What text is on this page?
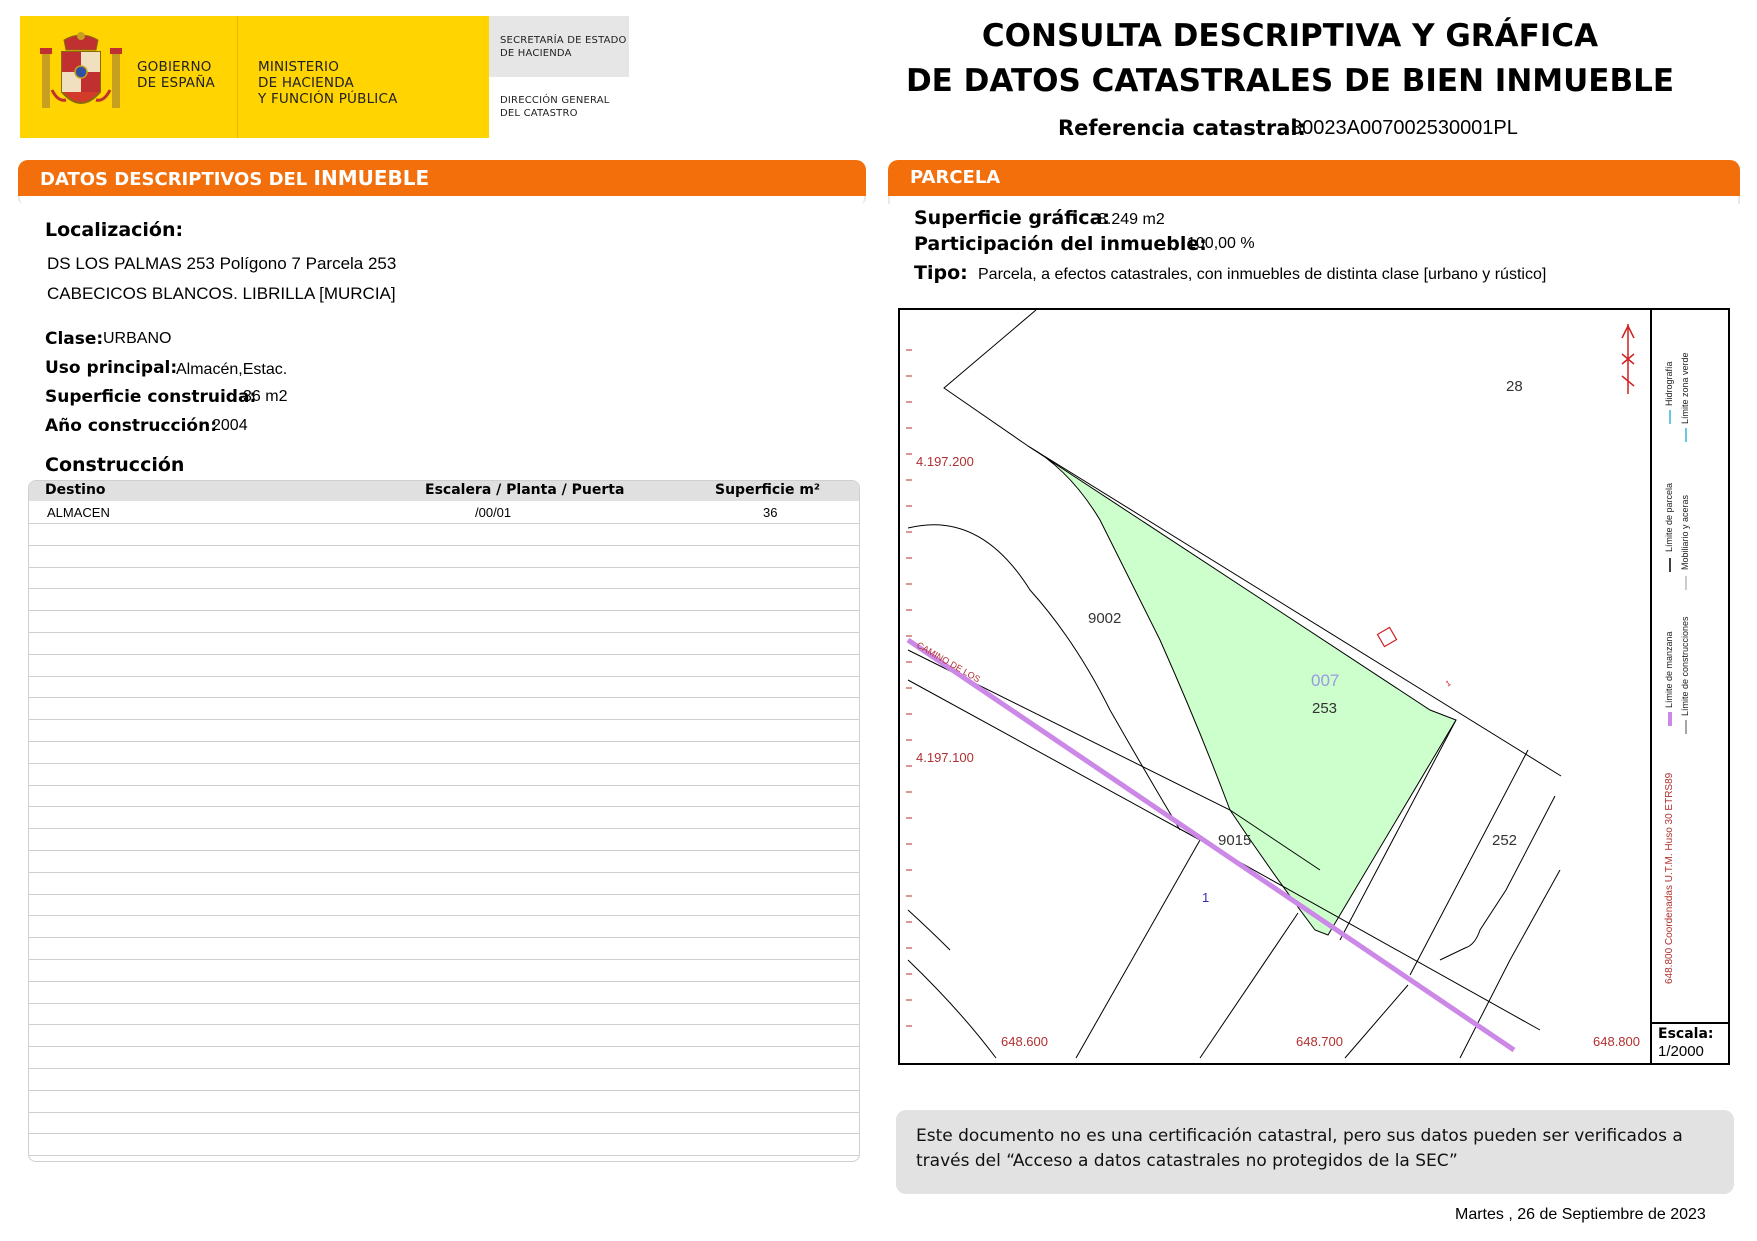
GOBIERNO
DE ESPAÑA
MINISTERIO
DE HACIENDA
Y FUNCIÓN PÚBLICA
SECRETARÍA DE ESTADO
DE HACIENDA
DIRECCIÓN GENERAL
DEL CATASTRO
CONSULTA DESCRIPTIVA Y GRÁFICA
DE DATOS CATASTRALES DE BIEN INMUEBLE
Referencia catastral:
30023A007002530001PL
DATOS DESCRIPTIVOS DEL INMUEBLE
Localización:
DS LOS PALMAS 253 Polígono 7 Parcela 253
CABECICOS BLANCOS. LIBRILLA [MURCIA]
Clase: URBANO
Uso principal:
Almacén,Estac.
Superficie construida:
36 m2
Año construcción:
2004
Construcción
Destino	Escalera / Planta / Puerta	Superficie m²
ALMACEN	/00/01	36
PARCELA
Superficie gráfica:
8.249 m2
Participación del inmueble:
100,00 %
Tipo: Parcela, a efectos catastrales, con inmuebles de distinta clase [urbano y rústico]
28
9002
007
253
252
9015
1
1
CAMINO DE LOS
4.197.200
4.197.100
648.600	648.700	648.800
Hidrografía
Límite de parcela
Límite de manzana
Límite zona verde
Mobiliario y aceras
Límite de construcciones
648.800 Coordenadas U.T.M. Huso 30 ETRS89
Escala:
1/2000
Este documento no es una certificación catastral, pero sus datos pueden ser verificados a través del “Acceso a datos catastrales no protegidos de la SEC”
Martes , 26 de Septiembre de 2023
